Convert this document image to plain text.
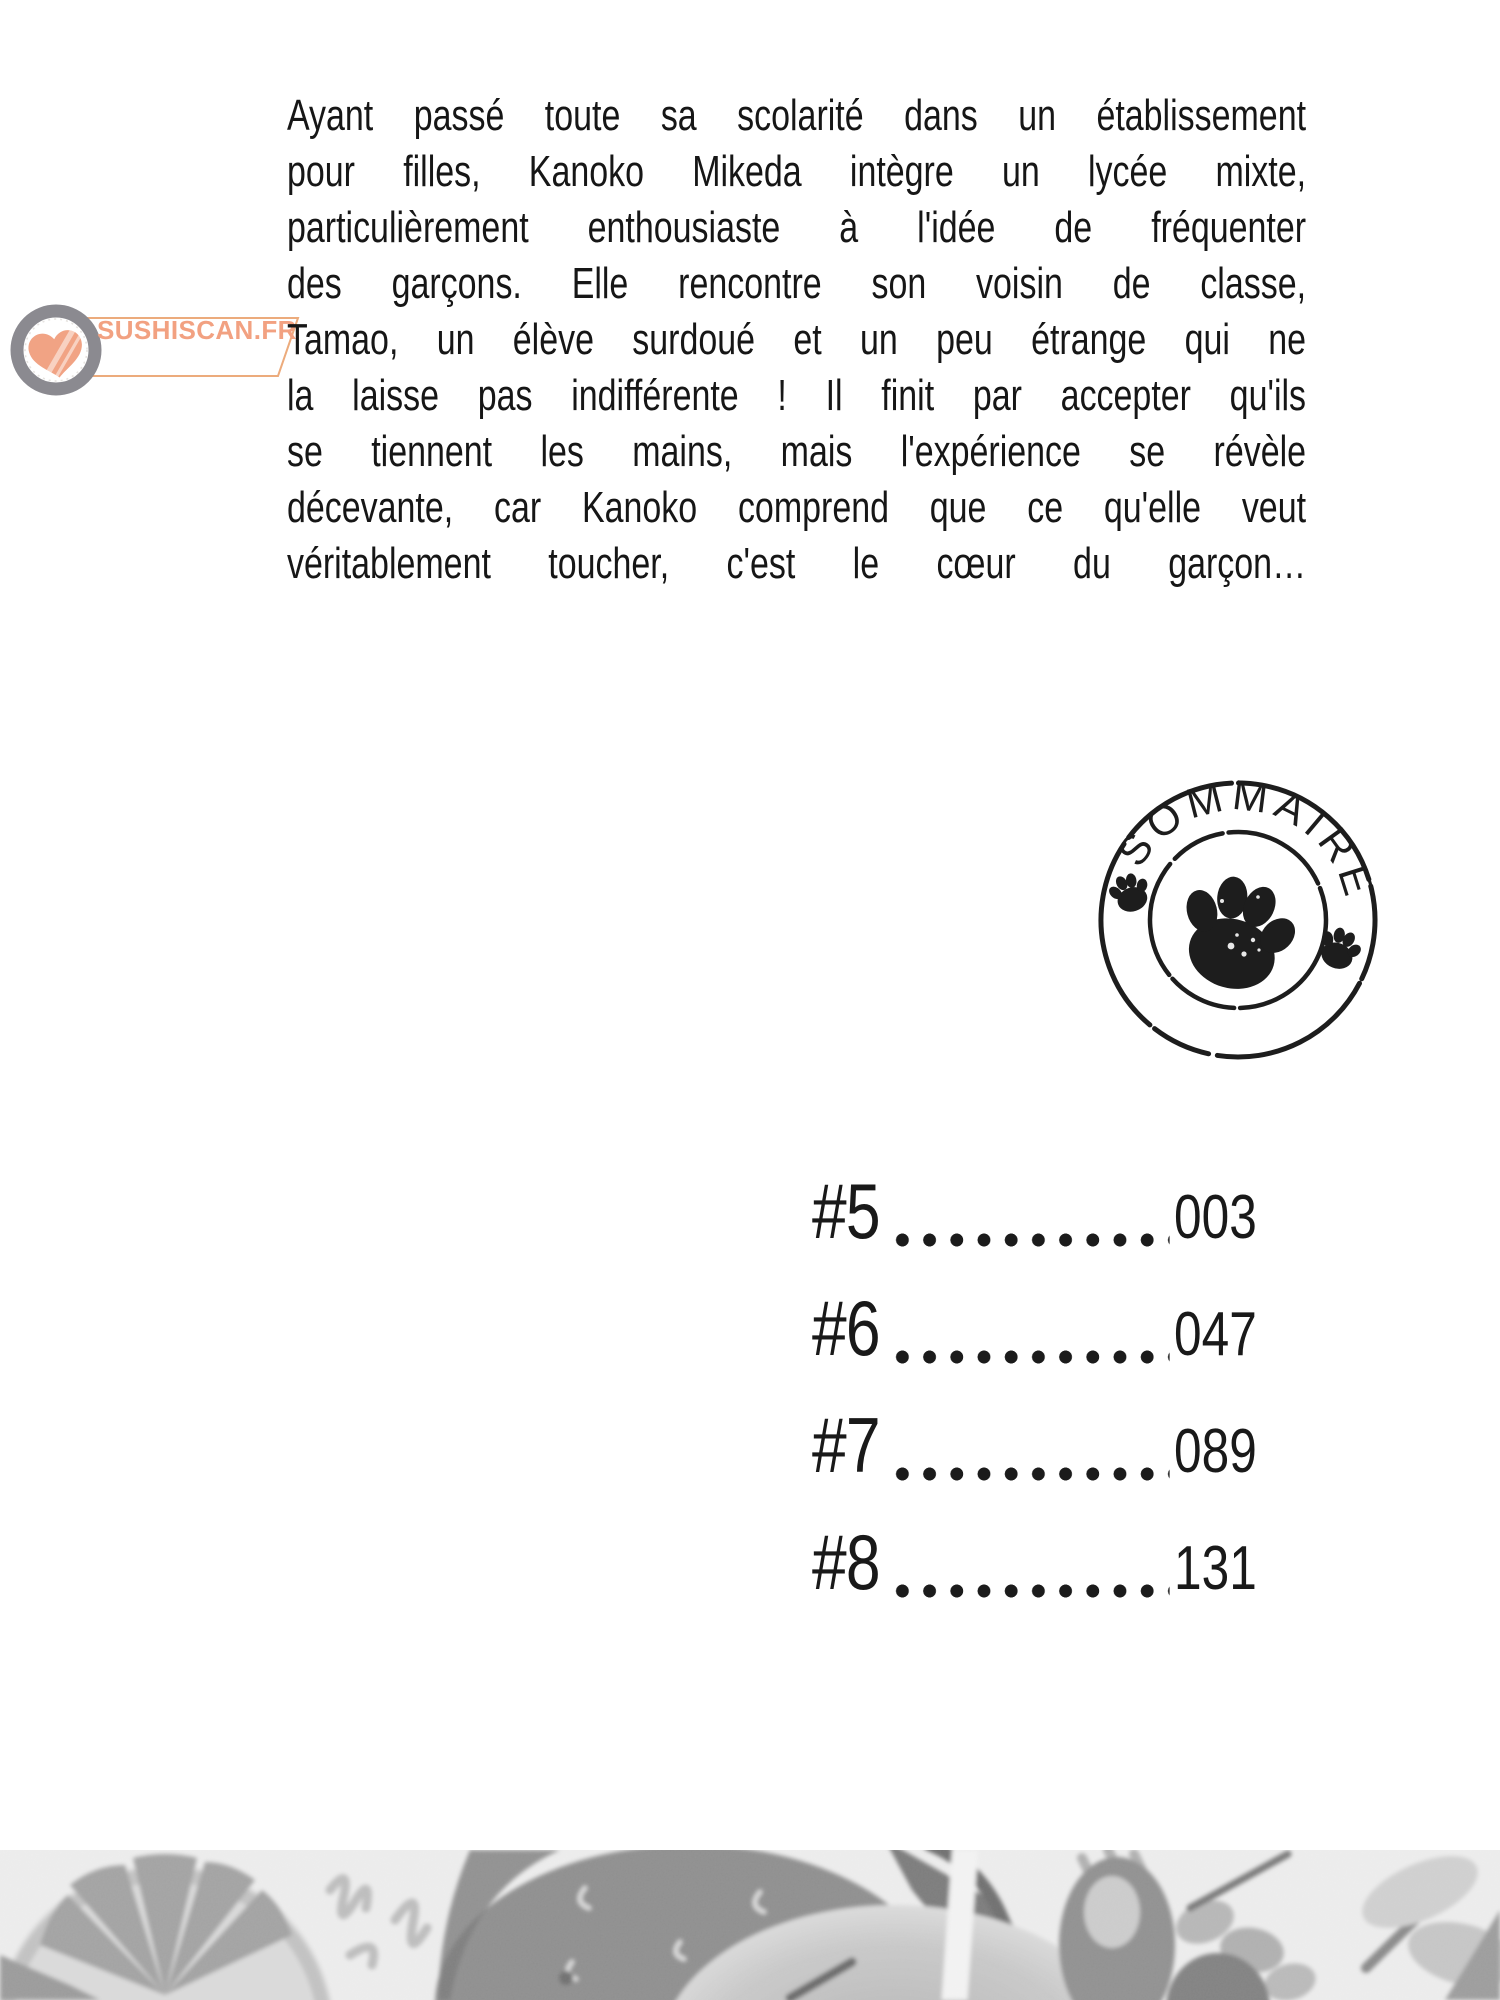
Ayant passé toute sa scolarité dans un établissement
pour filles, Kanoko Mikeda intègre un lycée mixte,
particulièrement enthousiaste à l'idée de fréquenter
des garçons. Elle rencontre son voisin de classe,
Tamao, un élève surdoué et un peu étrange qui ne
la laisse pas indifférente ! Il finit par accepter qu'ils
se tiennent les mains, mais l'expérience se révèle
décevante, car Kanoko comprend que ce qu'elle veut
véritablement toucher, c'est le cœur du garçon…
SUSHISCAN.FR
SOMMAIRE
#5	003
#6	047
#7	089
#8	131
